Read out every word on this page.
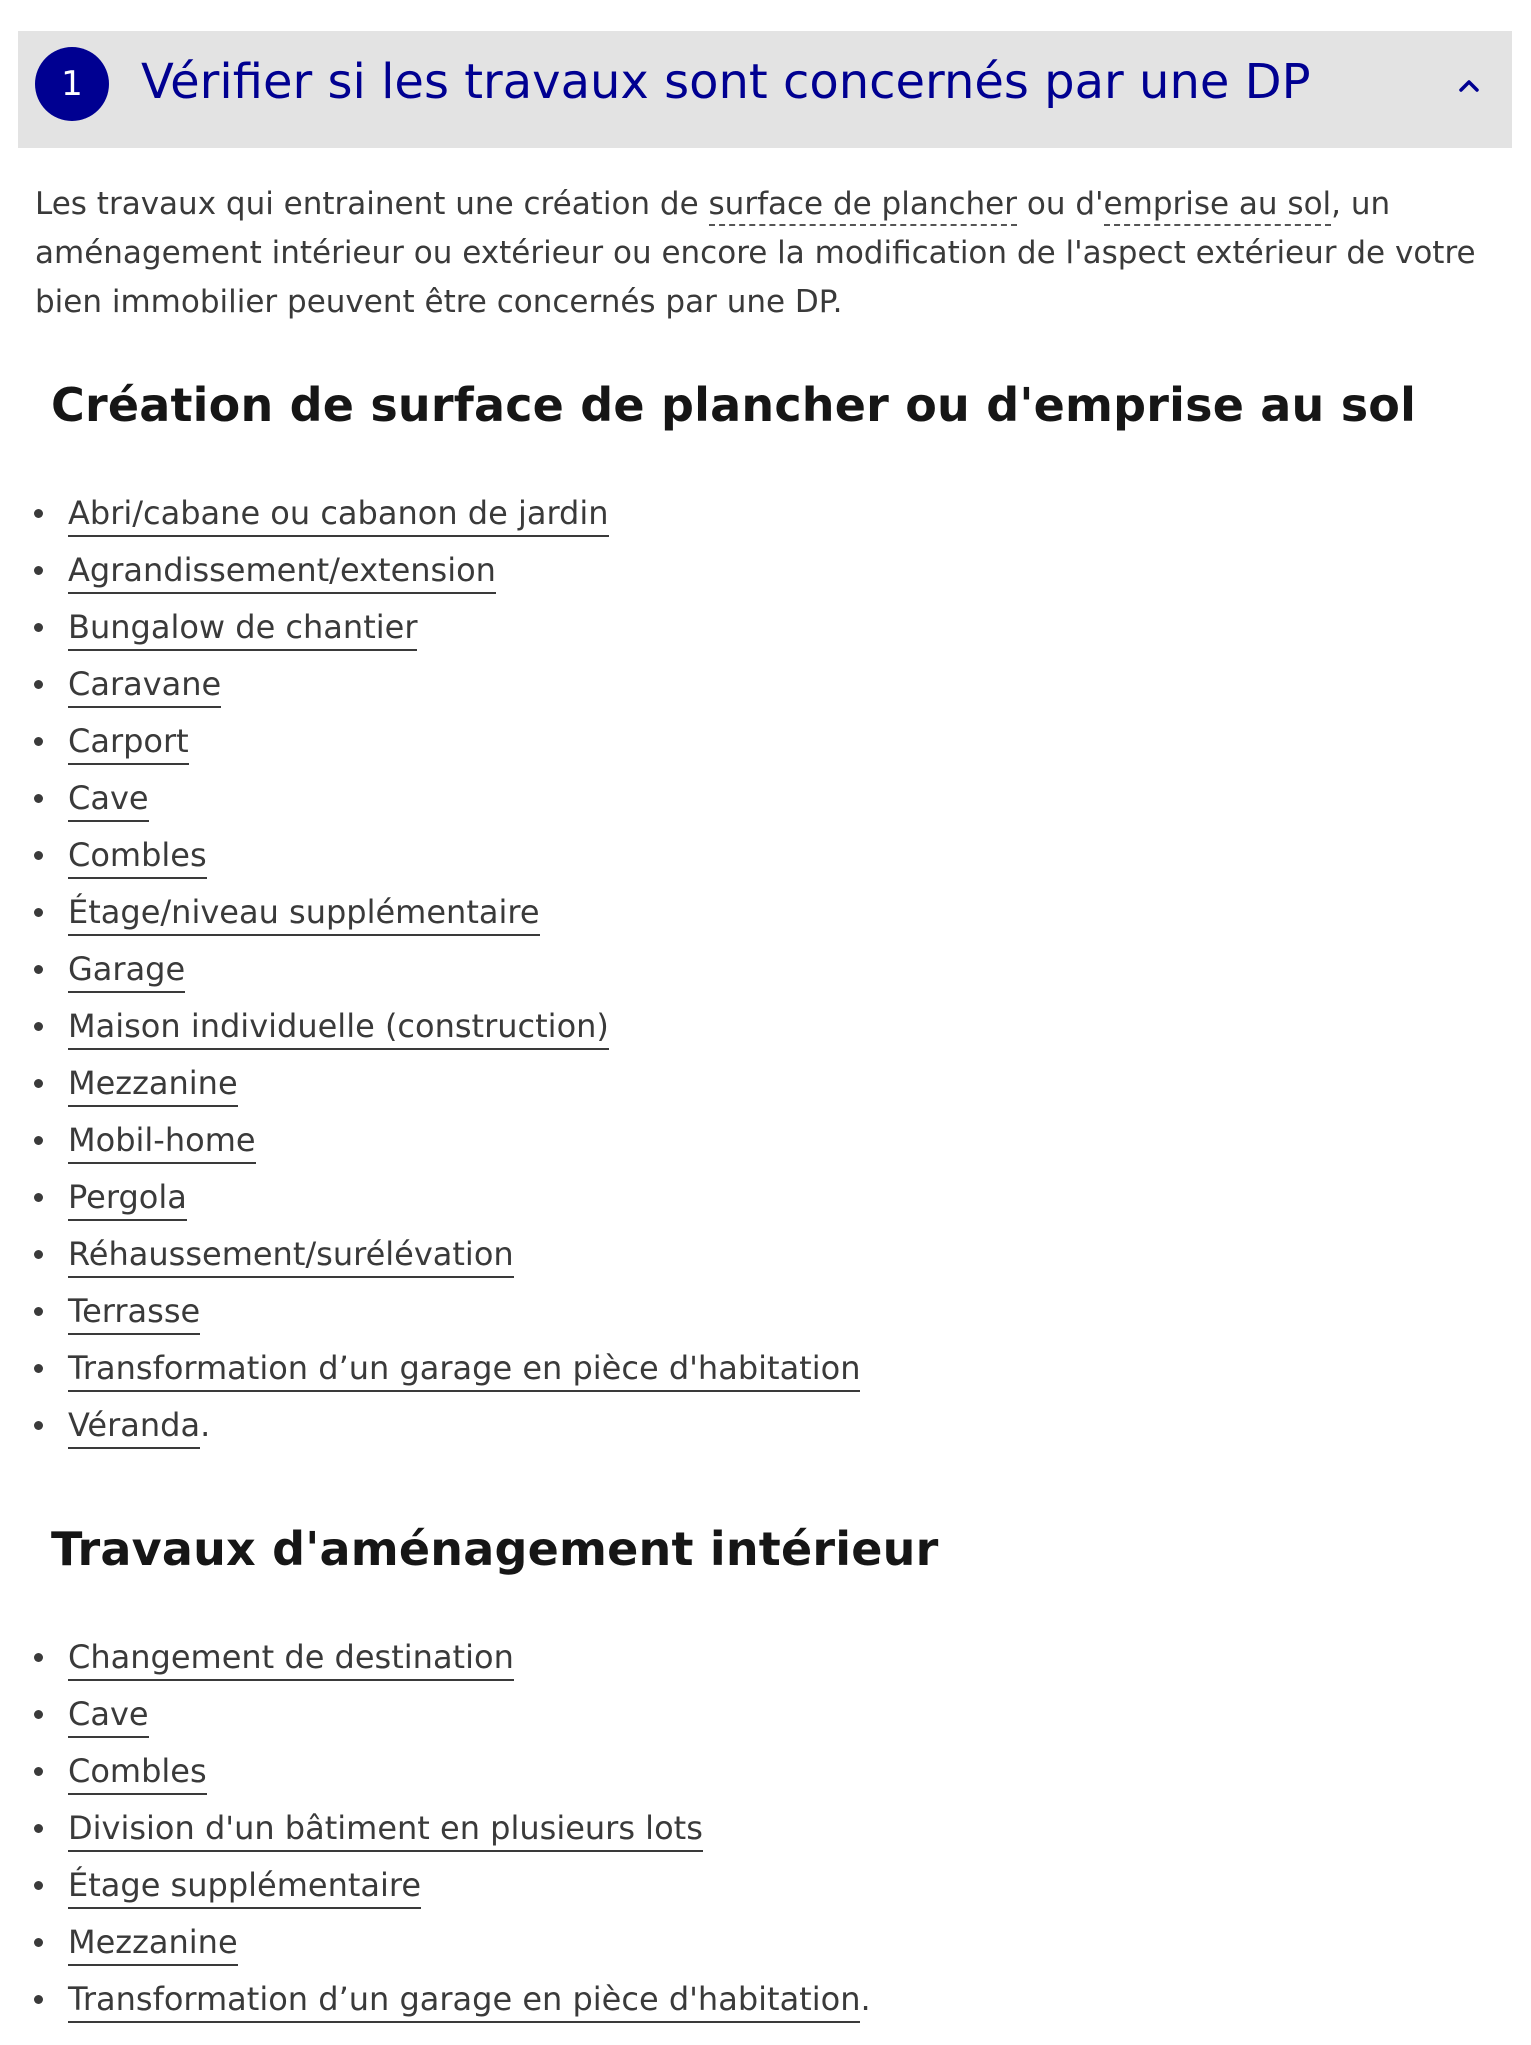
1	Vérifier si les travaux sont concernés par une DP

Les travaux qui entrainent une création de surface de plancher ou d'emprise au sol, un aménagement intérieur ou extérieur ou encore la modification de l'aspect extérieur de votre bien immobilier peuvent être concernés par une DP.

Création de surface de plancher ou d'emprise au sol
Abri/cabane ou cabanon de jardin
Agrandissement/extension
Bungalow de chantier
Caravane
Carport
Cave
Combles
Étage/niveau supplémentaire
Garage
Maison individuelle (construction)
Mezzanine
Mobil-home
Pergola
Réhaussement/surélévation
Terrasse
Transformation d’un garage en pièce d'habitation
Véranda.
Travaux d'aménagement intérieur
Changement de destination
Cave
Combles
Division d'un bâtiment en plusieurs lots
Étage supplémentaire
Mezzanine
Transformation d’un garage en pièce d'habitation.
